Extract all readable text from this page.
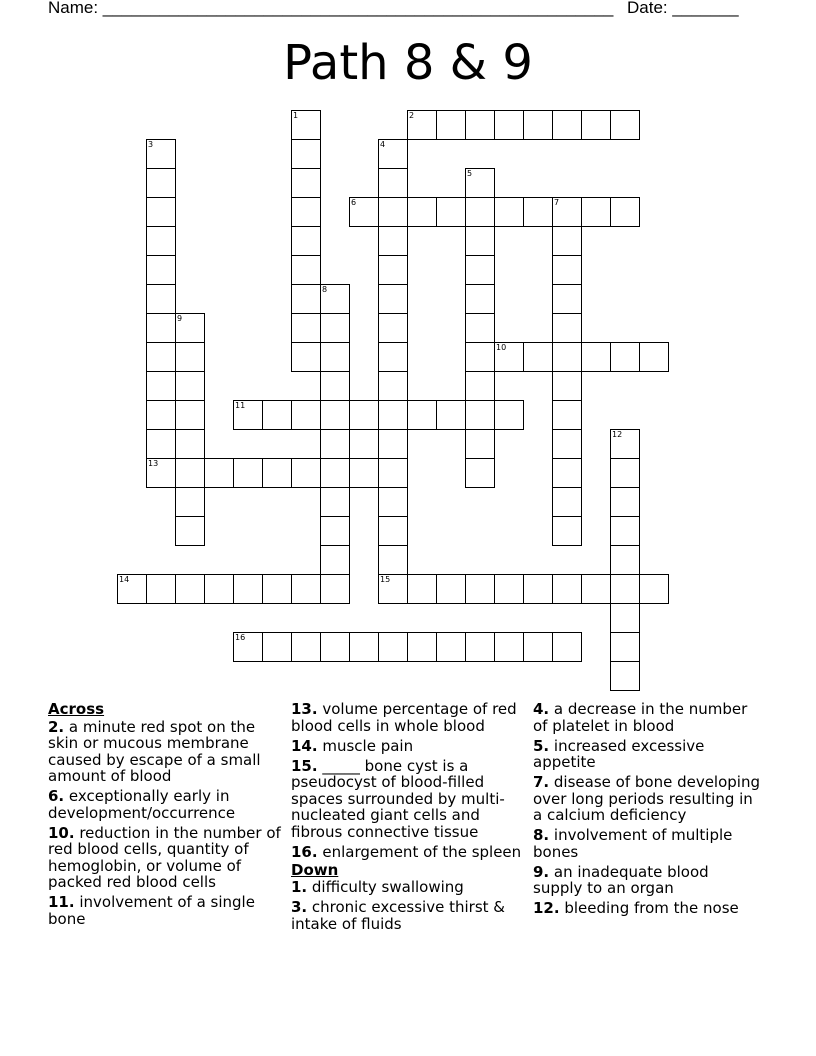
Name: ______________________________________________________ Date: _______
Path 8 & 9
2
6	7
10
11
13
14	15
16
1
3	4
5
8
9
12
Across
2. a minute red spot on the skin or mucous membrane caused by escape of a small amount of blood
6. exceptionally early in development/occurrence
10. reduction in the number of red blood cells, quantity of hemoglobin, or volume of packed red blood cells
11. involvement of a single bone
13. volume percentage of red blood cells in whole blood
14. muscle pain
15. _____ bone cyst is a pseudocyst of blood-filled spaces surrounded by multi-nucleated giant cells and fibrous connective tissue
16. enlargement of the spleen
Down
1. difficulty swallowing
3. chronic excessive thirst & intake of fluids
4. a decrease in the number of platelet in blood
5. increased excessive appetite
7. disease of bone developing over long periods resulting in a calcium deficiency
8. involvement of multiple bones
9. an inadequate blood supply to an organ
12. bleeding from the nose
